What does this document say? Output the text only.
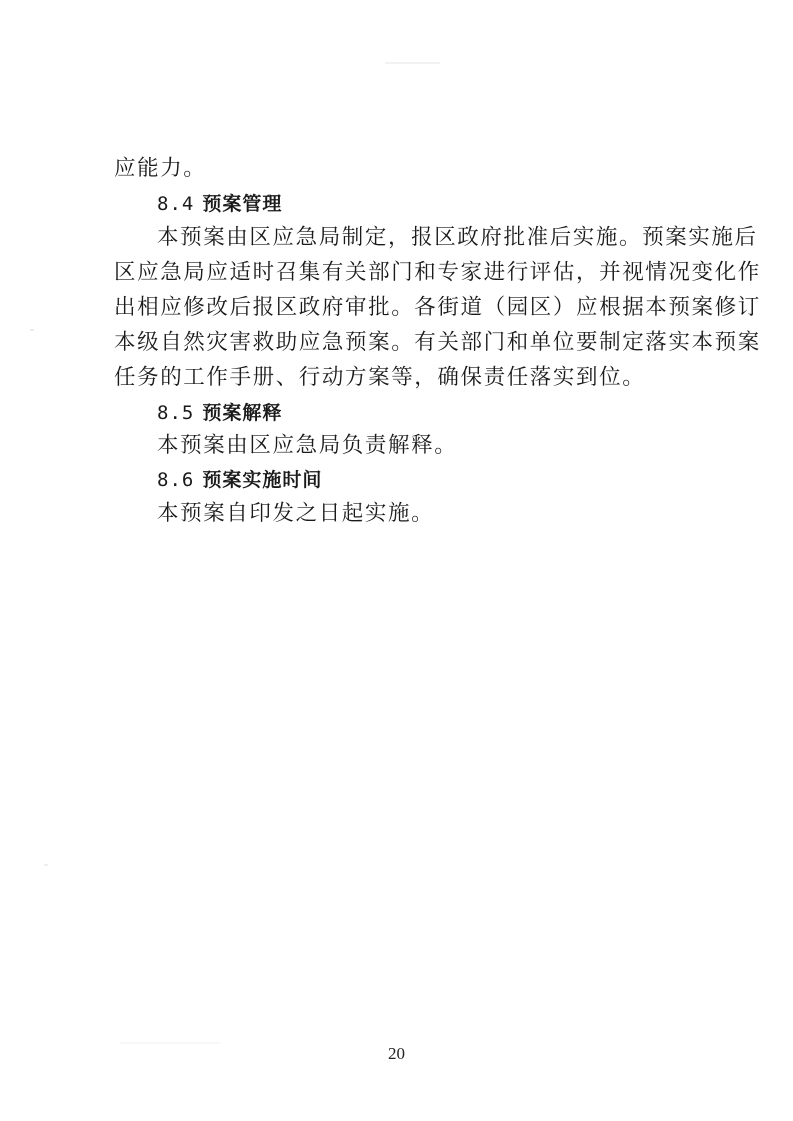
应能力。
8.4 预案管理
本预案由区应急局制定，报区政府批准后实施。预案实施后
区应急局应适时召集有关部门和专家进行评估，并视情况变化作
出相应修改后报区政府审批。各街道（园区）应根据本预案修订
本级自然灾害救助应急预案。有关部门和单位要制定落实本预案
任务的工作手册、行动方案等，确保责任落实到位。
8.5 预案解释
本预案由区应急局负责解释。
8.6 预案实施时间
本预案自印发之日起实施。
20
